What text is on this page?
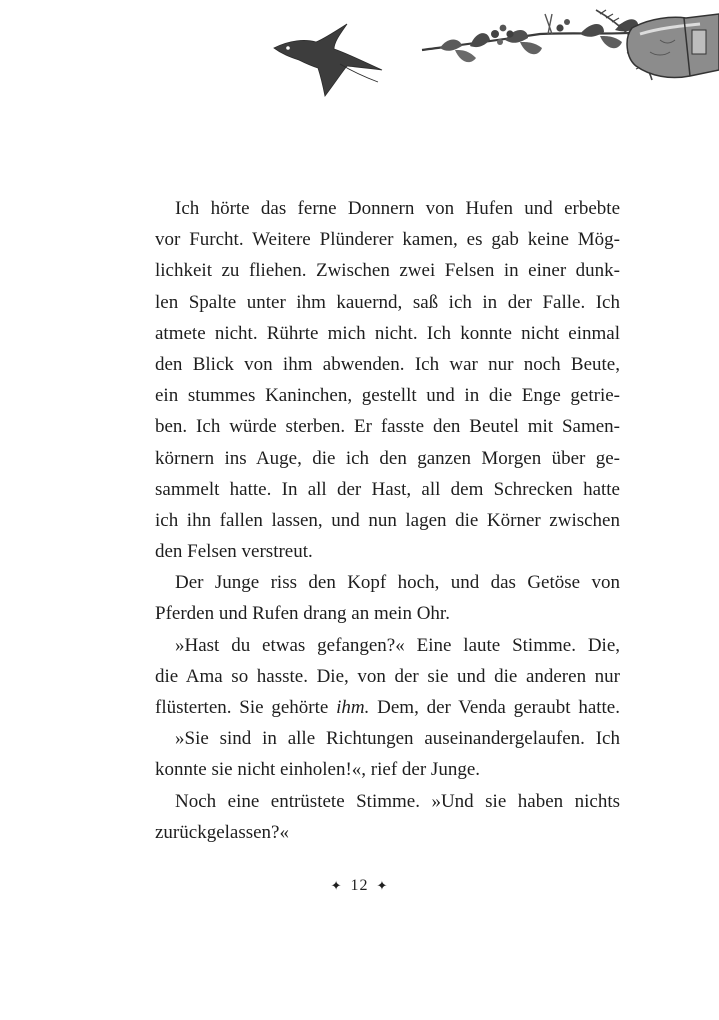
Ich hörte das ferne Donnern von Hufen und erbebte
vor Furcht. Weitere Plünderer kamen, es gab keine Mög-
lichkeit zu fliehen. Zwischen zwei Felsen in einer dunk-
len Spalte unter ihm kauernd, saß ich in der Falle. Ich
atmete nicht. Rührte mich nicht. Ich konnte nicht einmal
den Blick von ihm abwenden. Ich war nur noch Beute,
ein stummes Kaninchen, gestellt und in die Enge getrie-
ben. Ich würde sterben. Er fasste den Beutel mit Samen-
körnern ins Auge, die ich den ganzen Morgen über ge-
sammelt hatte. In all der Hast, all dem Schrecken hatte
ich ihn fallen lassen, und nun lagen die Körner zwischen
den Felsen verstreut.
Der Junge riss den Kopf hoch, und das Getöse von
Pferden und Rufen drang an mein Ohr.
»Hast du etwas gefangen?« Eine laute Stimme. Die,
die Ama so hasste. Die, von der sie und die anderen nur
flüsterten. Sie gehörte ihm. Dem, der Venda geraubt hatte.
»Sie sind in alle Richtungen auseinandergelaufen. Ich
konnte sie nicht einholen!«, rief der Junge.
Noch eine entrüstete Stimme. »Und sie haben nichts
zurückgelassen?«
✦ 12 ✦
